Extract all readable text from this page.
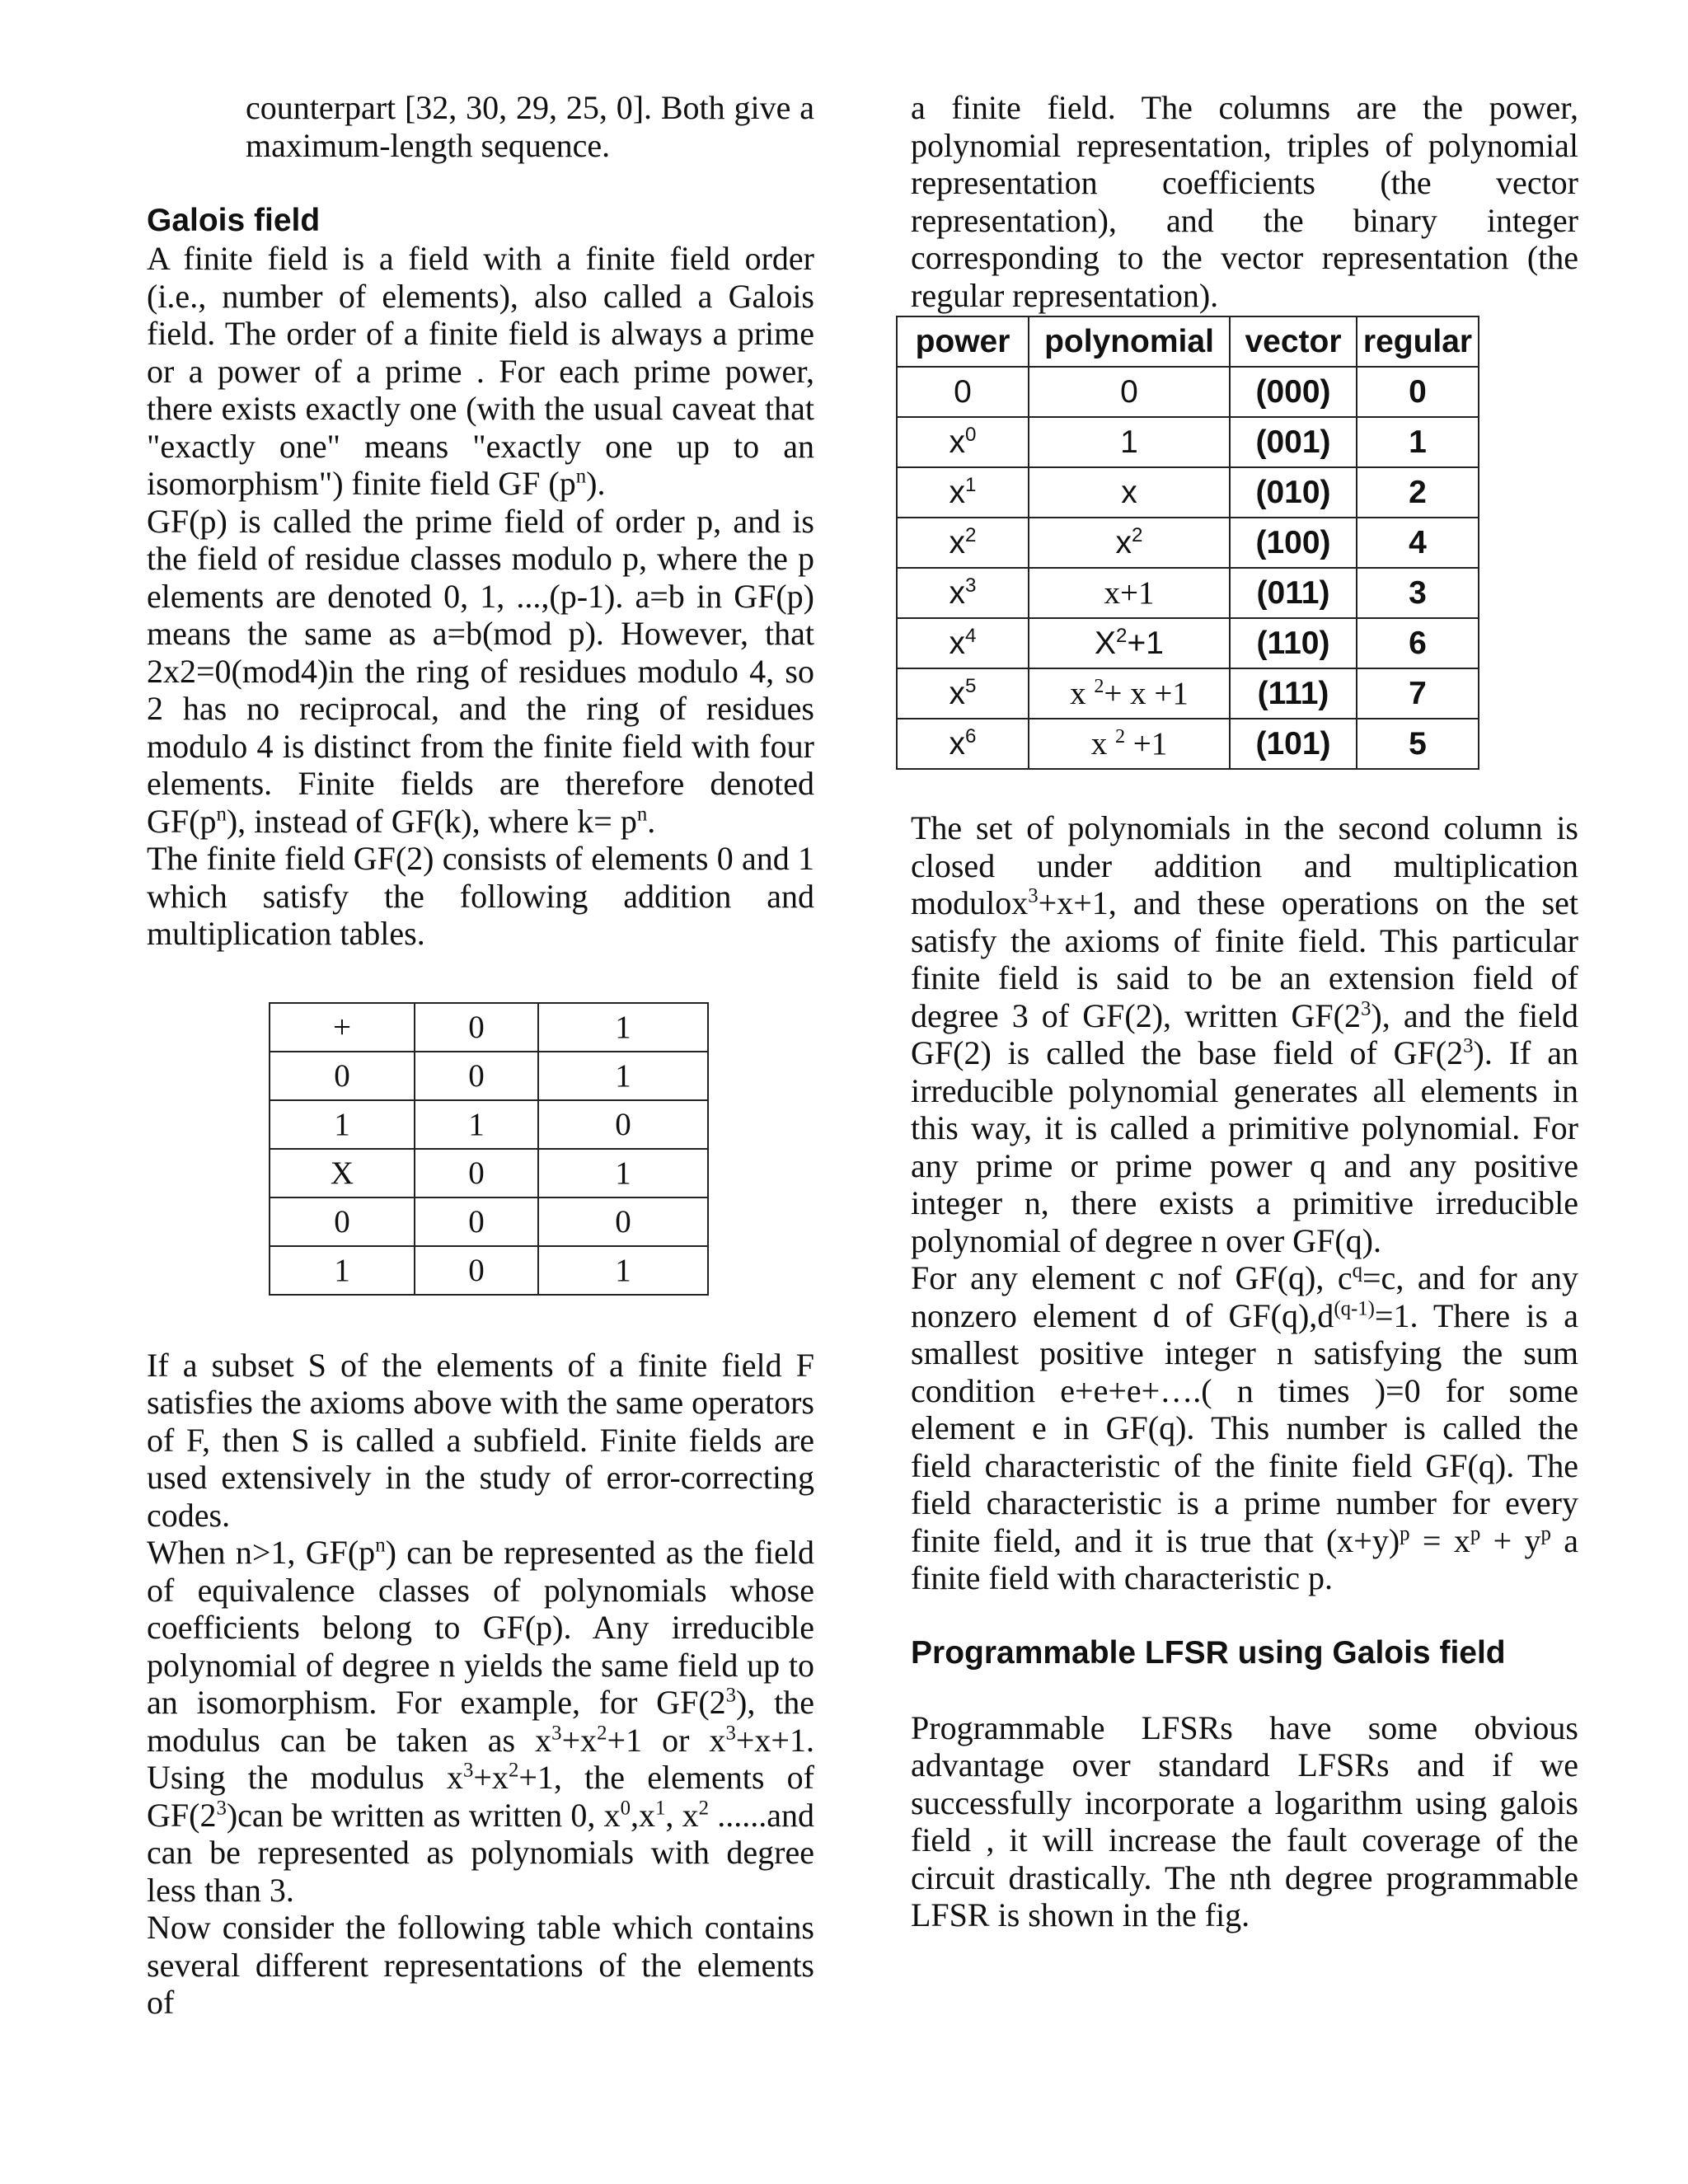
counterpart [32, 30, 29, 25, 0]. Both give a maximum-length sequence.

Galois field

A finite field is a field with a finite field order (i.e., number of elements), also called a Galois field. The order of a finite field is always a prime or a power of a prime . For each prime power, there exists exactly one (with the usual caveat that "exactly one" means "exactly one up to an isomorphism") finite field GF $(p^n)$.

GF(p) is called the prime field of order p, and is the field of residue classes modulo p, where the p elements are denoted 0, 1, ...,(p-1). a=b in GF(p) means the same as a=b(mod p). However, that 2x2=0(mod4)in the ring of residues modulo 4, so 2 has no reciprocal, and the ring of residues modulo 4 is distinct from the finite field with four elements. Finite fields are therefore denoted $GF(p^n)$, instead of GF(k), where $k= p^n$.

The finite field GF(2) consists of elements 0 and 1 which satisfy the following addition and multiplication tables.

+	0	1
0	0	1
1	1	0
X	0	1
0	0	0
1	0	1

If a subset S of the elements of a finite field F satisfies the axioms above with the same operators of F, then S is called a subfield. Finite fields are used extensively in the study of error-correcting codes.

When n>1, $GF(p^n)$ can be represented as the field of equivalence classes of polynomials whose coefficients belong to GF(p). Any irreducible polynomial of degree n yields the same field up to an isomorphism. For example, for $GF(2^3)$, the modulus can be taken as $x^3+x^2+1$ or $x^3+x+1$. Using the modulus $x^3+x^2+1$, the elements of $GF(2^3)can$ be written as written 0, $x^0,x^1$, $x^2$ ......and can be represented as polynomials with degree less than 3.

Now consider the following table which contains several different representations of the elements of

a finite field. The columns are the power, polynomial representation, triples of polynomial representation coefficients (the vector representation), and the binary integer corresponding to the vector representation (the regular representation).

power	polynomial	vector	regular
0	0	(000)	0
$x^0$	1	(001)	1
$x^1$	x	(010)	2
$x^2$	$x^2$	(100)	4
$x^3$	x+1	(011)	3
$x^4$	$X^2+1$	(110)	6
$x^5$	x $^2$+ x +1	(111)	7
$x^6$	x $^2$ +1	(101)	5

The set of polynomials in the second column is closed under addition and multiplication modulox$^3$+x+1, and these operations on the set satisfy the axioms of finite field. This particular finite field is said to be an extension field of degree 3 of GF(2), written $GF(2^3)$, and the field GF(2) is called the base field of $GF(2^3)$. If an irreducible polynomial generates all elements in this way, it is called a primitive polynomial. For any prime or prime power q and any positive integer n, there exists a primitive irreducible polynomial of degree n over GF(q).

For any element c nof GF(q), $c^q=c$, and for any nonzero element d of $GF(q),d^{(q-1)}=1$. There is a smallest positive integer n satisfying the sum condition e+e+e+….( n times )=0 for some element e in GF(q). This number is called the field characteristic of the finite field GF(q). The field characteristic is a prime number for every finite field, and it is true that $(x+y)^p = x^p + y^p$ a finite field with characteristic p.

Programmable LFSR using Galois field

Programmable LFSRs have some obvious advantage over standard LFSRs and if we successfully incorporate a logarithm using galois field , it will increase the fault coverage of the circuit drastically. The nth degree programmable LFSR is shown in the fig.
